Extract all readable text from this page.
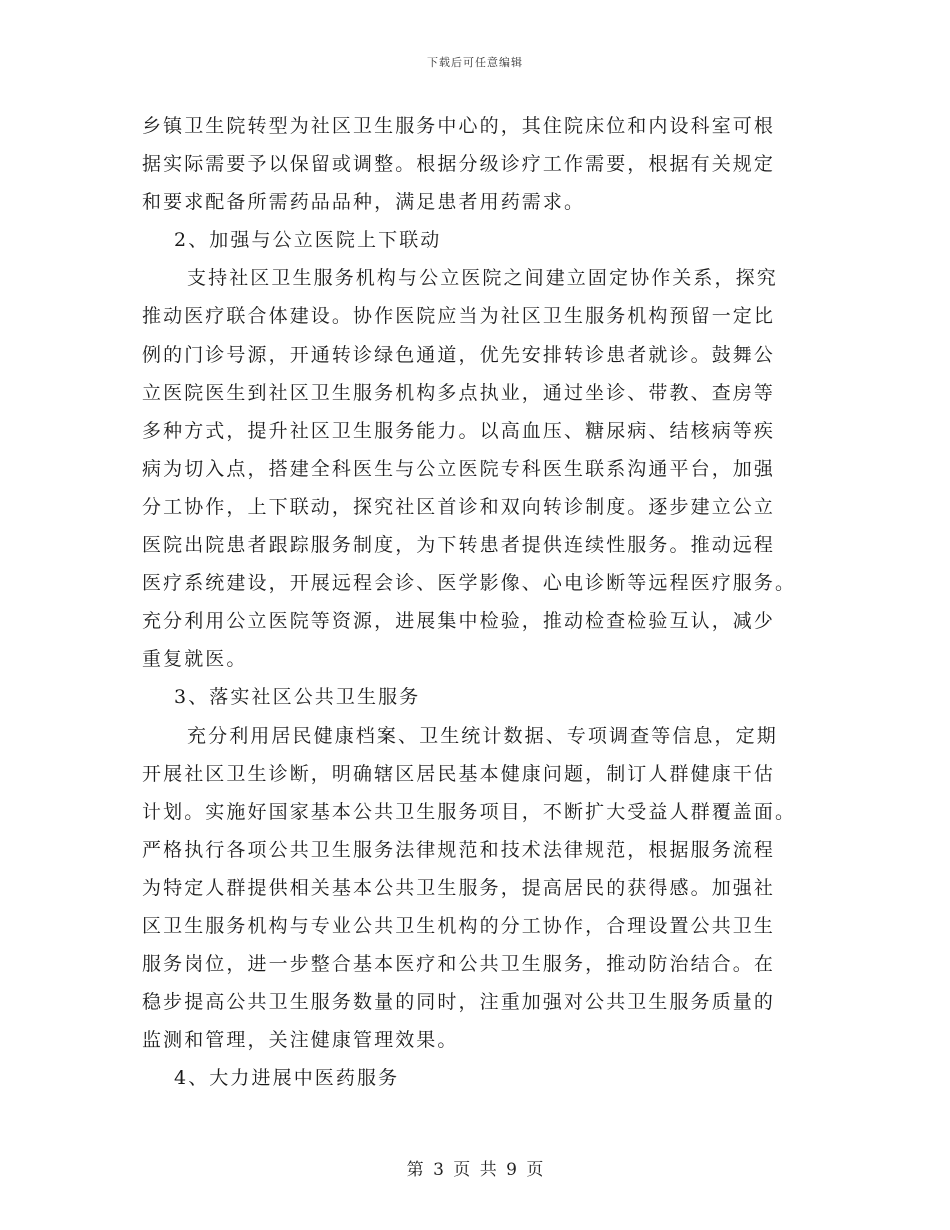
下载后可任意编辑
乡镇卫生院转型为社区卫生服务中心的，其住院床位和内设科室可根
据实际需要予以保留或调整。根据分级诊疗工作需要，根据有关规定
和要求配备所需药品品种，满足患者用药需求。
2、加强与公立医院上下联动
支持社区卫生服务机构与公立医院之间建立固定协作关系，探究
推动医疗联合体建设。协作医院应当为社区卫生服务机构预留一定比
例的门诊号源，开通转诊绿色通道，优先安排转诊患者就诊。鼓舞公
立医院医生到社区卫生服务机构多点执业，通过坐诊、带教、查房等
多种方式，提升社区卫生服务能力。以高血压、糖尿病、结核病等疾
病为切入点，搭建全科医生与公立医院专科医生联系沟通平台，加强
分工协作，上下联动，探究社区首诊和双向转诊制度。逐步建立公立
医院出院患者跟踪服务制度，为下转患者提供连续性服务。推动远程
医疗系统建设，开展远程会诊、医学影像、心电诊断等远程医疗服务。
充分利用公立医院等资源，进展集中检验，推动检查检验互认，减少
重复就医。
3、落实社区公共卫生服务
充分利用居民健康档案、卫生统计数据、专项调查等信息，定期
开展社区卫生诊断，明确辖区居民基本健康问题，制订人群健康干估
计划。实施好国家基本公共卫生服务项目，不断扩大受益人群覆盖面。
严格执行各项公共卫生服务法律规范和技术法律规范，根据服务流程
为特定人群提供相关基本公共卫生服务，提高居民的获得感。加强社
区卫生服务机构与专业公共卫生机构的分工协作，合理设置公共卫生
服务岗位，进一步整合基本医疗和公共卫生服务，推动防治结合。在
稳步提高公共卫生服务数量的同时，注重加强对公共卫生服务质量的
监测和管理，关注健康管理效果。
4、大力进展中医药服务
第 3 页 共 9 页
